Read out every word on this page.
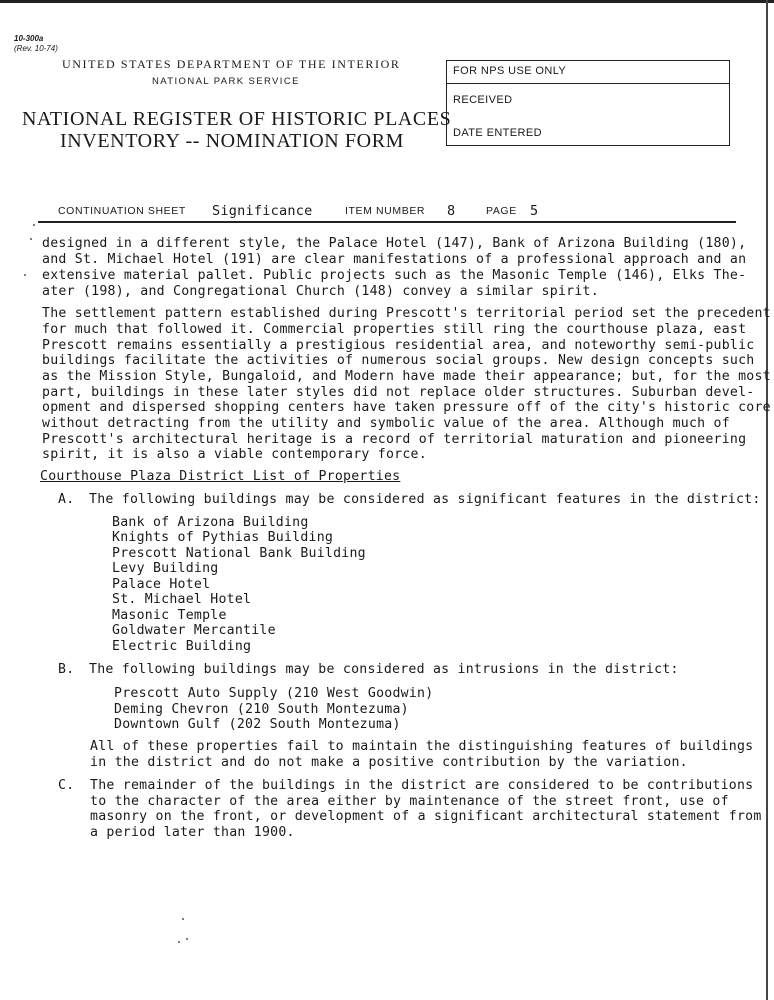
10-300a
(Rev. 10-74)
UNITED STATES DEPARTMENT OF THE INTERIOR
NATIONAL PARK SERVICE
NATIONAL REGISTER OF HISTORIC PLACES
INVENTORY -- NOMINATION FORM
FOR NPS USE ONLY
RECEIVED
DATE ENTERED
CONTINUATION SHEET Significance	ITEM NUMBER 8	PAGE 5
designed in a different style, the Palace Hotel (147), Bank of Arizona Building (180),
and St. Michael Hotel (191) are clear manifestations of a professional approach and an
extensive material pallet. Public projects such as the Masonic Temple (146), Elks The-
ater (198), and Congregational Church (148) convey a similar spirit.
The settlement pattern established during Prescott's territorial period set the precedent
for much that followed it. Commercial properties still ring the courthouse plaza, east
Prescott remains essentially a prestigious residential area, and noteworthy semi-public
buildings facilitate the activities of numerous social groups. New design concepts such
as the Mission Style, Bungaloid, and Modern have made their appearance; but, for the most
part, buildings in these later styles did not replace older structures. Suburban devel-
opment and dispersed shopping centers have taken pressure off of the city's historic core
without detracting from the utility and symbolic value of the area. Although much of
Prescott's architectural heritage is a record of territorial maturation and pioneering
spirit, it is also a viable contemporary force.
Courthouse Plaza District List of Properties
A. The following buildings may be considered as significant features in the district:
Bank of Arizona Building
Knights of Pythias Building
Prescott National Bank Building
Levy Building
Palace Hotel
St. Michael Hotel
Masonic Temple
Goldwater Mercantile
Electric Building
B. The following buildings may be considered as intrusions in the district:
Prescott Auto Supply (210 West Goodwin)
Deming Chevron (210 South Montezuma)
Downtown Gulf (202 South Montezuma)
All of these properties fail to maintain the distinguishing features of buildings
in the district and do not make a positive contribution by the variation.
C. The remainder of the buildings in the district are considered to be contributions
to the character of the area either by maintenance of the street front, use of
masonry on the front, or development of a significant architectural statement from
a period later than 1900.
